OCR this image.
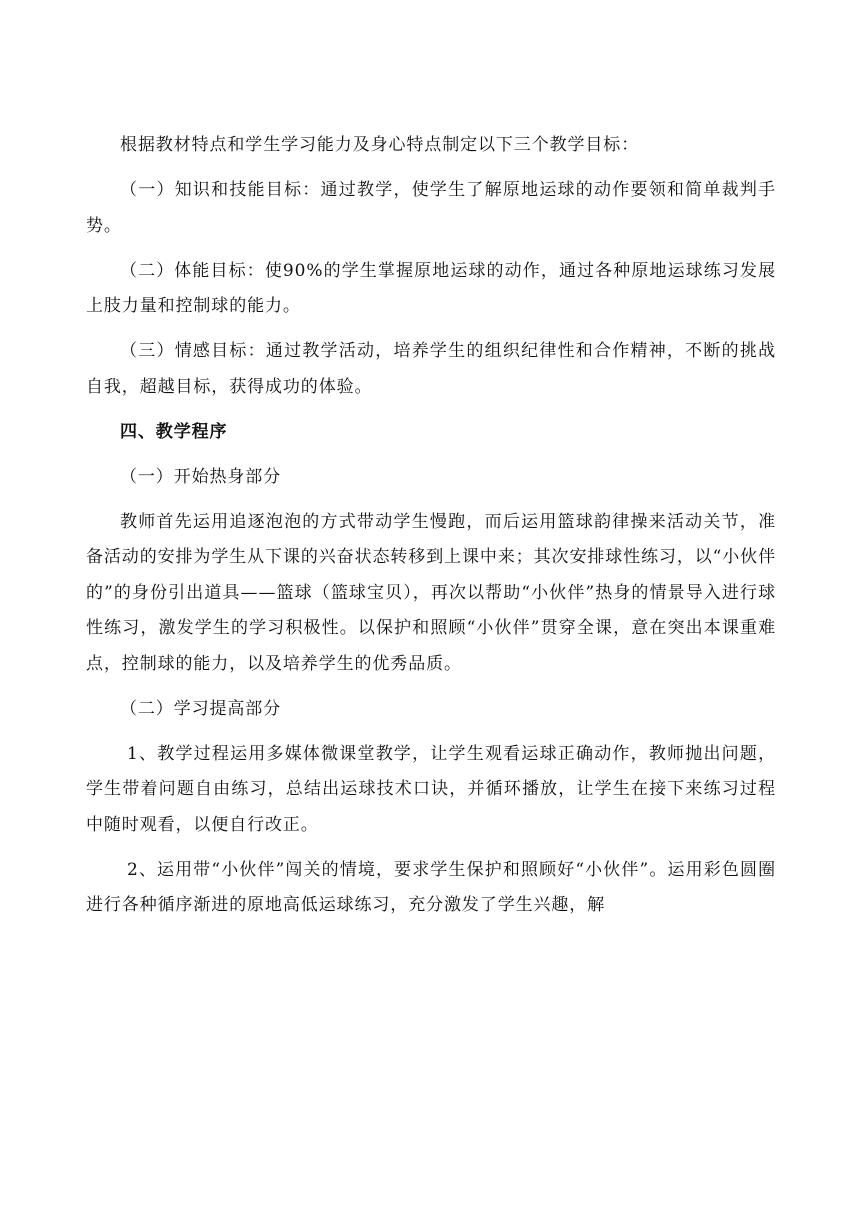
根据教材特点和学生学习能力及身心特点制定以下三个教学目标：

（一）知识和技能目标：通过教学，使学生了解原地运球的动作要领和简单裁判手势。

（二）体能目标：使90%的学生掌握原地运球的动作，通过各种原地运球练习发展上肢力量和控制球的能力。

（三）情感目标：通过教学活动，培养学生的组织纪律性和合作精神，不断的挑战自我，超越目标，获得成功的体验。

四、教学程序

（一）开始热身部分

教师首先运用追逐泡泡的方式带动学生慢跑，而后运用篮球韵律操来活动关节，准备活动的安排为学生从下课的兴奋状态转移到上课中来；其次安排球性练习，以“小伙伴的”的身份引出道具——篮球（篮球宝贝），再次以帮助“小伙伴”热身的情景导入进行球性练习，激发学生的学习积极性。以保护和照顾“小伙伴”贯穿全课，意在突出本课重难点，控制球的能力，以及培养学生的优秀品质。

（二）学习提高部分

1、教学过程运用多媒体微课堂教学，让学生观看运球正确动作，教师抛出问题，学生带着问题自由练习，总结出运球技术口诀，并循环播放，让学生在接下来练习过程中随时观看，以便自行改正。

2、运用带“小伙伴”闯关的情境，要求学生保护和照顾好“小伙伴”。运用彩色圆圈进行各种循序渐进的原地高低运球练习，充分激发了学生兴趣，解
